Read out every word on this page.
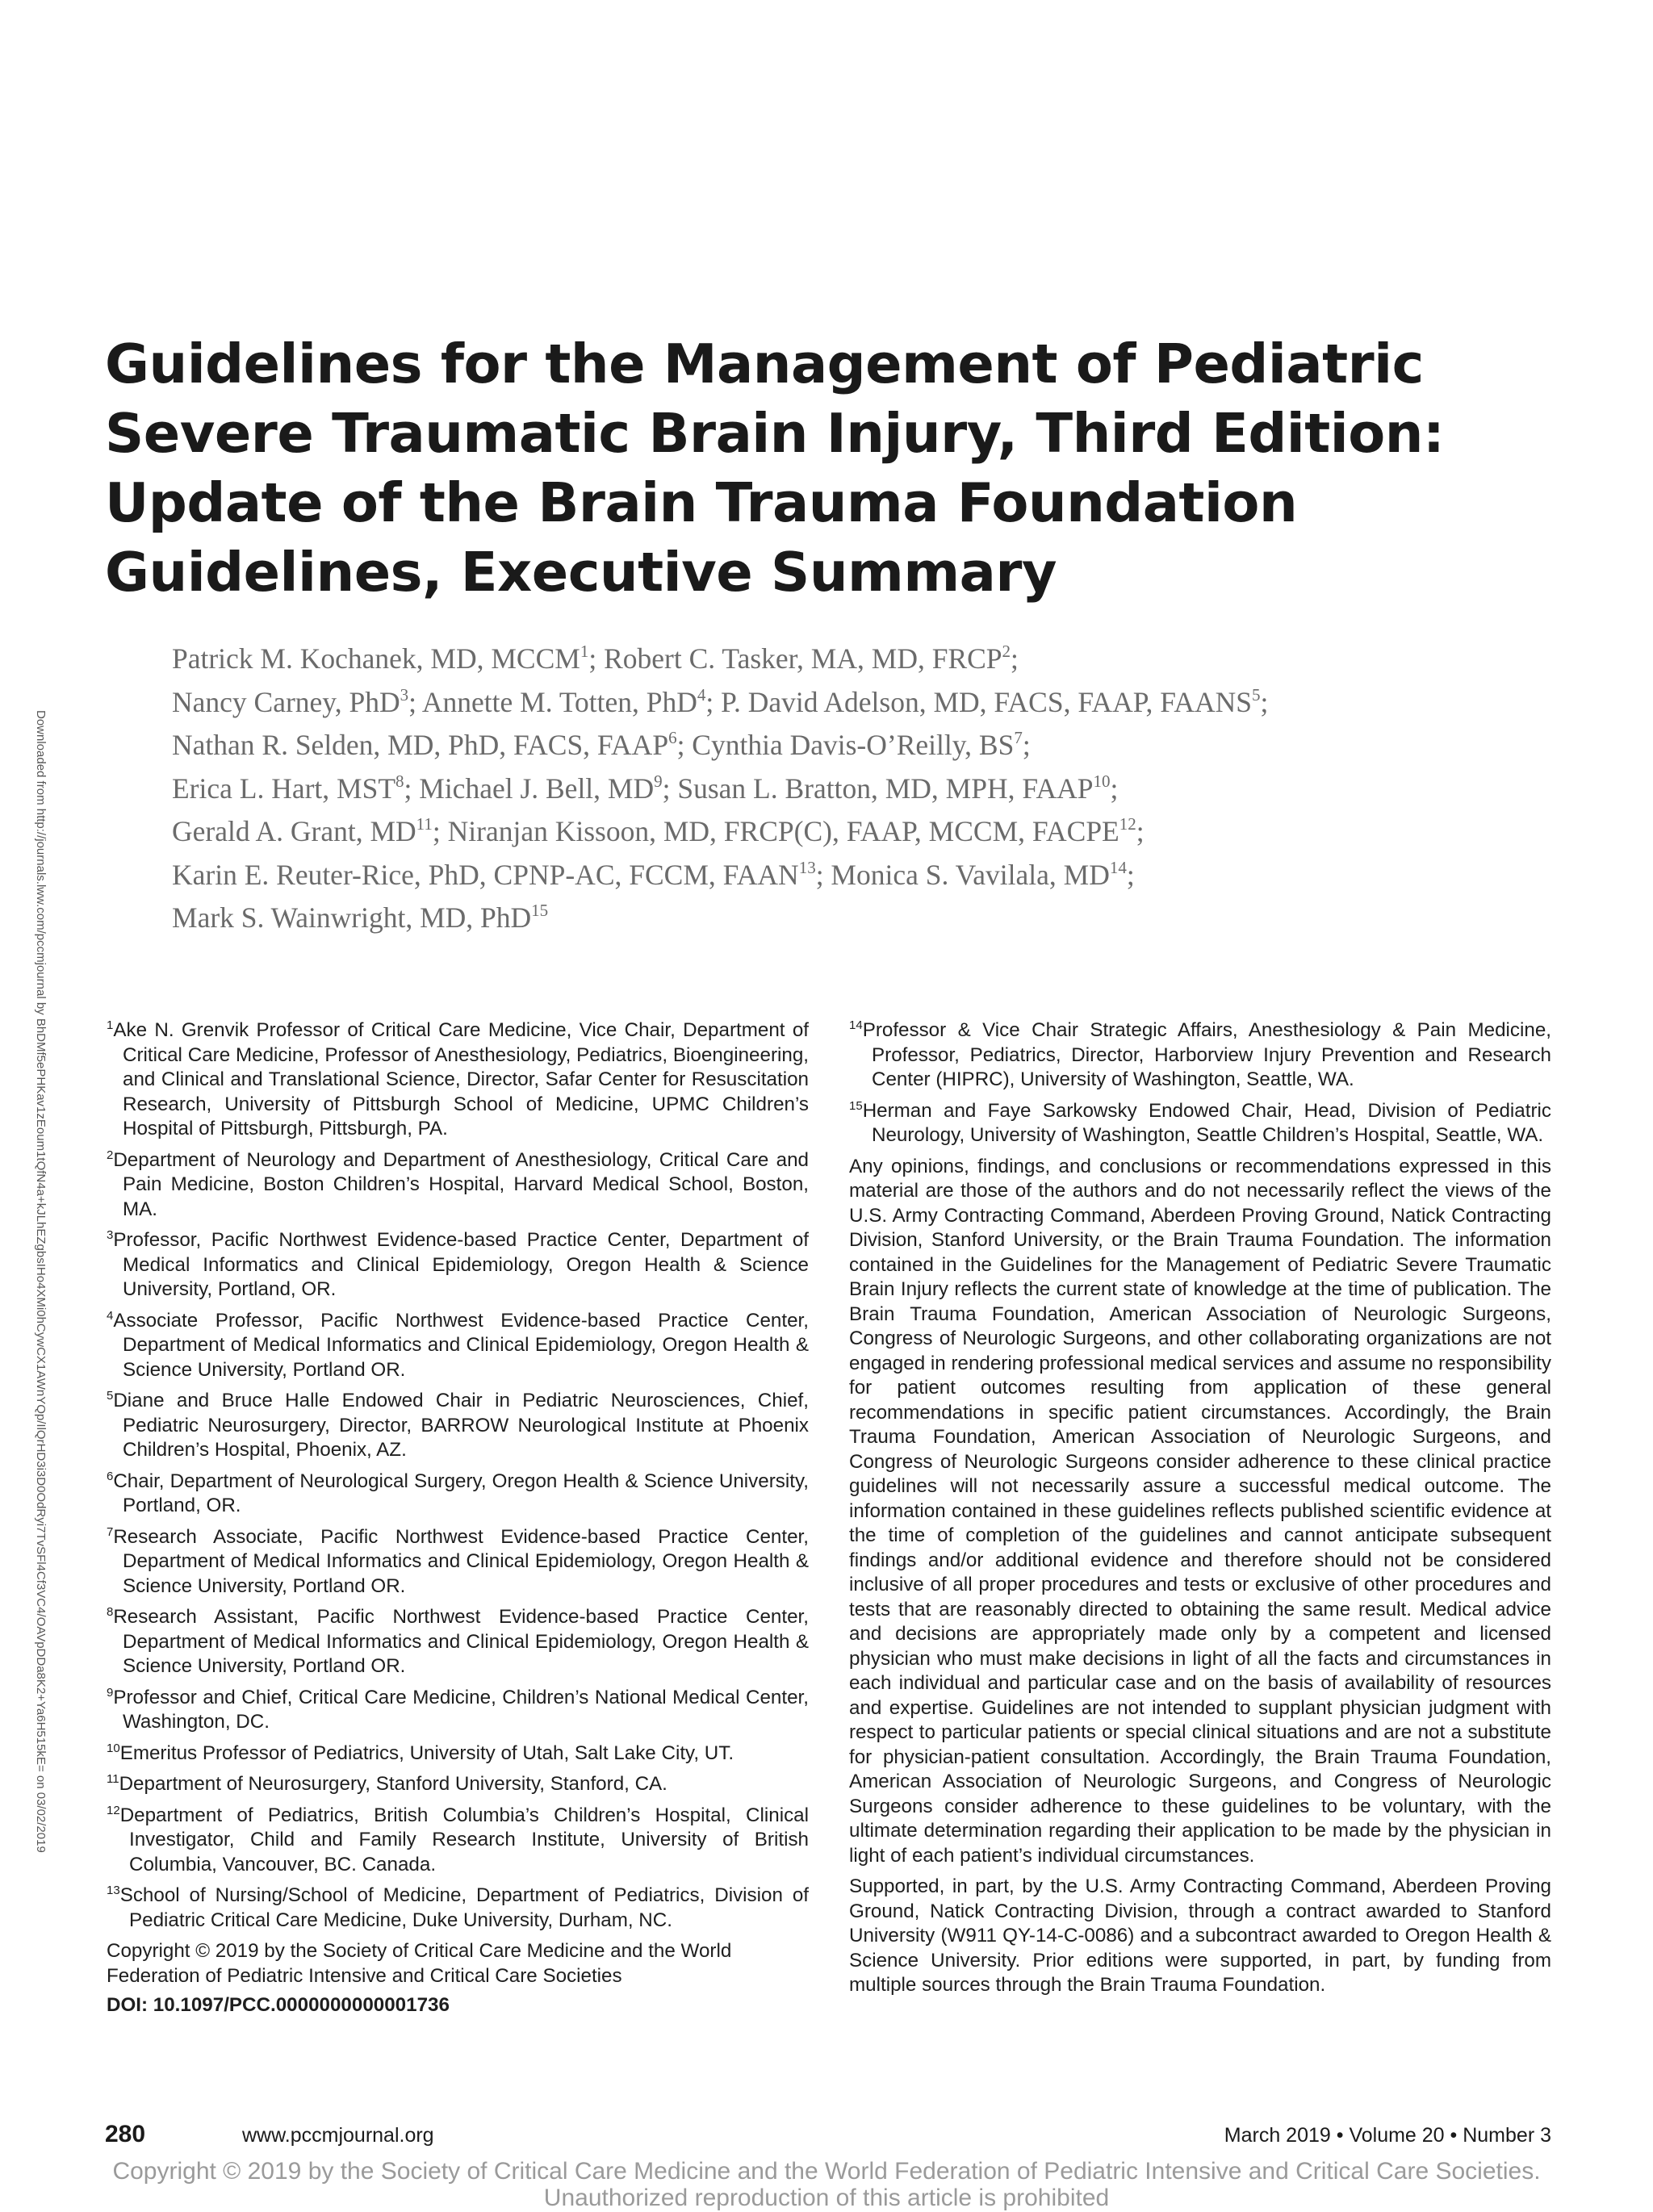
Guidelines for the Management of Pediatric
Severe Traumatic Brain Injury, Third Edition:
Update of the Brain Trauma Foundation
Guidelines, Executive Summary
Patrick M. Kochanek, MD, MCCM$^1$; Robert C. Tasker, MA, MD, FRCP$^2$;
Nancy Carney, PhD$^3$; Annette M. Totten, PhD$^4$; P. David Adelson, MD, FACS, FAAP, FAANS$^5$;
Nathan R. Selden, MD, PhD, FACS, FAAP$^6$; Cynthia Davis-O’Reilly, $BS^7$;
Erica L. Hart, MST$^8$; Michael J. Bell, $MD^9$; Susan L. Bratton, MD, MPH, FAAP$^{10}$;
Gerald A. Grant, MD$^{11}$; Niranjan Kissoon, MD, FRCP(C), FAAP, MCCM, FACPE$^{12}$;
Karin E. Reuter-Rice, PhD, CPNP-AC, FCCM, FAAN$^{13}$; Monica S. Vavilala, MD$^{14}$;
Mark S. Wainwright, MD, PhD$^{15}$
Downloaded from http://journals.lww.com/pccmjournal by BhDMf5ePHKav1zEoum1tQfN4a+kJLhEZgbsIHo4XMi0hCywCX1AWnYQp/IlQrHD3i3D0OdRyi7TvSFl4Cf3VC4/OAVpDDa8K2+Ya6H515kE= on 03/02/2019	$^1$Ake N. Grenvik Professor of Critical Care Medicine, Vice Chair, Department of Critical Care Medicine, Professor of Anesthesiology, Pediatrics, Bioengineering, and Clinical and Translational Science, Director, Safar Center for Resuscitation Research, University of Pittsburgh School of Medicine, UPMC Children’s Hospital of Pittsburgh, Pittsburgh, PA.
$^2$Department of Neurology and Department of Anesthesiology, Critical Care and Pain Medicine, Boston Children’s Hospital, Harvard Medical School, Boston, MA.
$^3$Professor, Pacific Northwest Evidence-based Practice Center, Department of Medical Informatics and Clinical Epidemiology, Oregon Health & Science University, Portland, OR.
$^4$Associate Professor, Pacific Northwest Evidence-based Practice Center, Department of Medical Informatics and Clinical Epidemiology, Oregon Health & Science University, Portland OR.
$^5$Diane and Bruce Halle Endowed Chair in Pediatric Neurosciences, Chief, Pediatric Neurosurgery, Director, BARROW Neurological Institute at Phoenix Children’s Hospital, Phoenix, AZ.
$^6$Chair, Department of Neurological Surgery, Oregon Health & Science University, Portland, OR.
$^7$Research Associate, Pacific Northwest Evidence-based Practice Center, Department of Medical Informatics and Clinical Epidemiology, Oregon Health & Science University, Portland OR.
$^8$Research Assistant, Pacific Northwest Evidence-based Practice Center, Department of Medical Informatics and Clinical Epidemiology, Oregon Health & Science University, Portland OR.
$^9$Professor and Chief, Critical Care Medicine, Children’s National Medical Center, Washington, DC.
$^{10}$Emeritus Professor of Pediatrics, University of Utah, Salt Lake City, UT.
$^{11}$Department of Neurosurgery, Stanford University, Stanford, CA.
$^{12}$Department of Pediatrics, British Columbia’s Children’s Hospital, Clinical Investigator, Child and Family Research Institute, University of British Columbia, Vancouver, BC. Canada.
$^{13}$School of Nursing/School of Medicine, Department of Pediatrics, Division of Pediatric Critical Care Medicine, Duke University, Durham, NC.
Copyright © 2019 by the Society of Critical Care Medicine and the World Federation of Pediatric Intensive and Critical Care Societies
DOI: 10.1097/PCC.0000000000001736
$^{14}$Professor & Vice Chair Strategic Affairs, Anesthesiology & Pain Medicine, Professor, Pediatrics, Director, Harborview Injury Prevention and Research Center (HIPRC), University of Washington, Seattle, WA.
$^{15}$Herman and Faye Sarkowsky Endowed Chair, Head, Division of Pediatric Neurology, University of Washington, Seattle Children’s Hospital, Seattle, WA.
Any opinions, findings, and conclusions or recommendations expressed in this material are those of the authors and do not necessarily reflect the views of the U.S. Army Contracting Command, Aberdeen Proving Ground, Natick Contracting Division, Stanford University, or the Brain Trauma Foundation. The information contained in the Guidelines for the Management of Pediatric Severe Traumatic Brain Injury reflects the current state of knowledge at the time of publication. The Brain Trauma Foundation, American Association of Neurologic Surgeons, Congress of Neurologic Surgeons, and other collaborating organizations are not engaged in rendering professional medical services and assume no responsibility for patient outcomes resulting from application of these general recommendations in specific patient circumstances. Accordingly, the Brain Trauma Foundation, American Association of Neurologic Surgeons, and Congress of Neurologic Surgeons consider adherence to these clinical practice guidelines will not necessarily assure a successful medical outcome. The information contained in these guidelines reflects published scientific evidence at the time of completion of the guidelines and cannot anticipate subsequent findings and/or additional evidence and therefore should not be considered inclusive of all proper procedures and tests or exclusive of other procedures and tests that are reasonably directed to obtaining the same result. Medical advice and decisions are appropriately made only by a competent and licensed physician who must make decisions in light of all the facts and circumstances in each individual and particular case and on the basis of availability of resources and expertise. Guidelines are not intended to supplant physician judgment with respect to particular patients or special clinical situations and are not a substitute for physician-patient consultation. Accordingly, the Brain Trauma Foundation, American Association of Neurologic Surgeons, and Congress of Neurologic Surgeons consider adherence to these guidelines to be voluntary, with the ultimate determination regarding their application to be made by the physician in light of each patient’s individual circumstances.
Supported, in part, by the U.S. Army Contracting Command, Aberdeen Proving Ground, Natick Contracting Division, through a contract awarded to Stanford University (W911 QY-14-C-0086) and a subcontract awarded to Oregon Health & Science University. Prior editions were supported, in part, by funding from multiple sources through the Brain Trauma Foundation.
280	www.pccmjournal.org	March 2019 • Volume 20 • Number 3
Copyright © 2019 by the Society of Critical Care Medicine and the World Federation of Pediatric Intensive and Critical Care Societies.
Unauthorized reproduction of this article is prohibited
